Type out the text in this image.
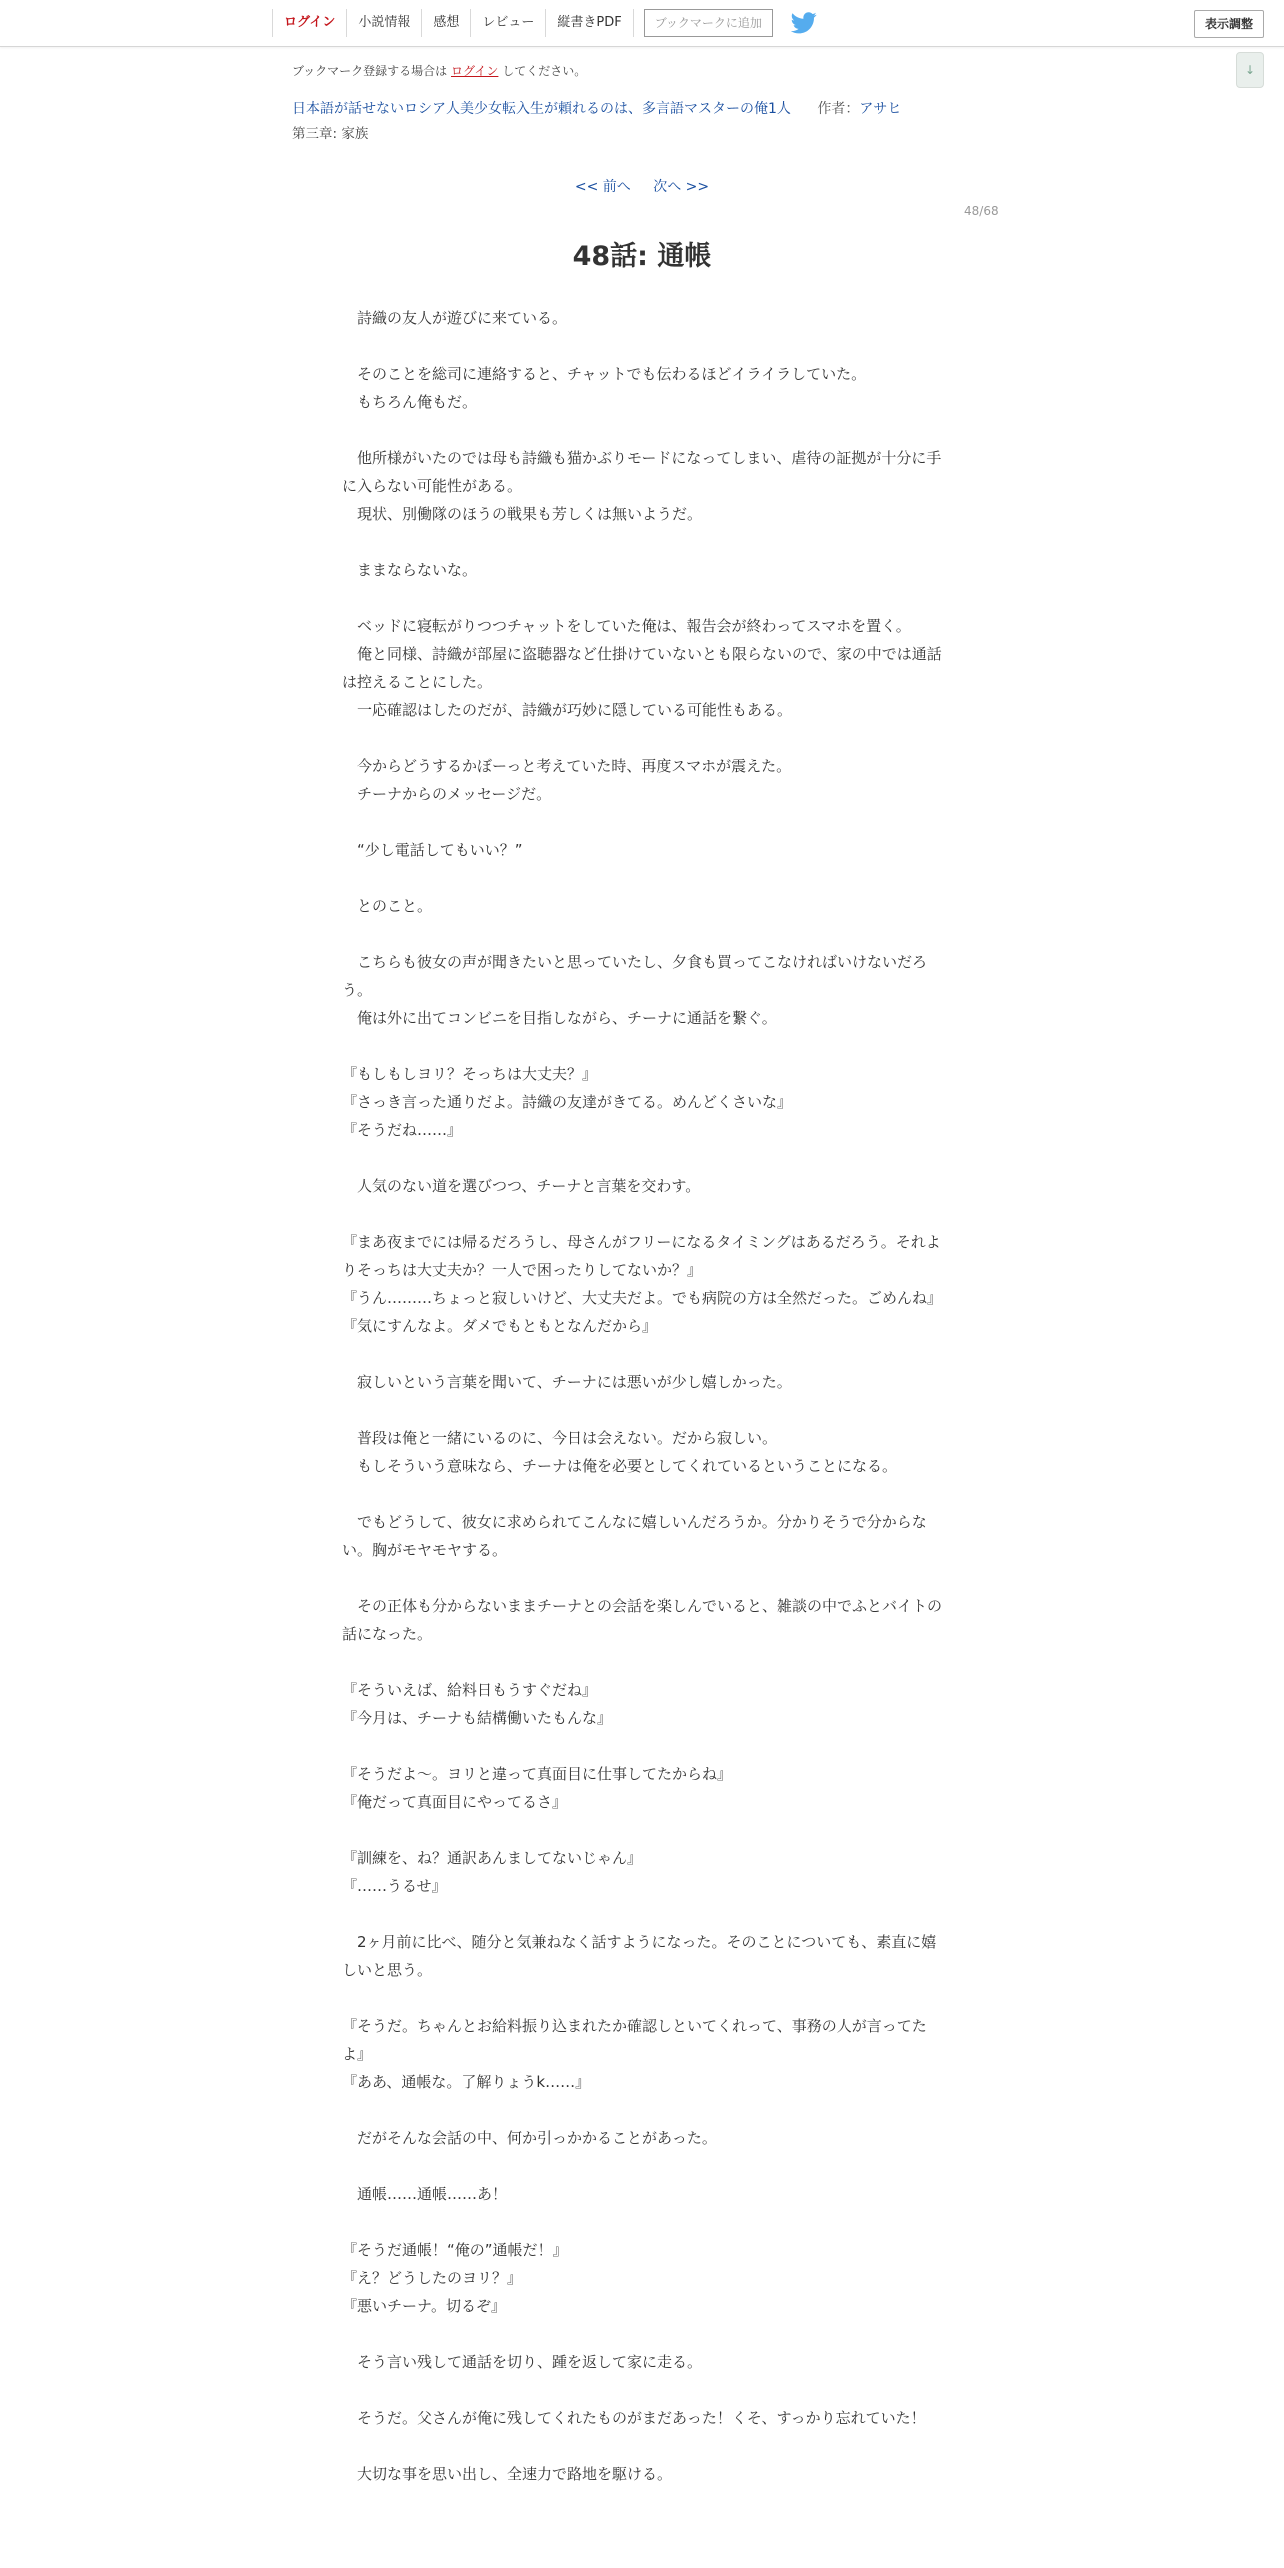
ログイン	小説情報	感想	レビュー	縦書きPDF	ブックマークに追加	表示調整
↓
ブックマーク登録する場合は ログイン してください。
日本語が話せないロシア人美少女転入生が頼れるのは、多言語マスターの俺1人 作者：アサヒ
第三章: 家族
<< 前へ 次へ >>
48/68
48話: 通帳

　詩織の友人が遊びに来ている。

　そのことを総司に連絡すると、チャットでも伝わるほどイライラしていた。

　もちろん俺もだ。

　他所様がいたのでは母も詩織も猫かぶりモードになってしまい、虐待の証拠が十分に手に入らない可能性がある。

　現状、別働隊のほうの戦果も芳しくは無いようだ。

　ままならないな。

　ベッドに寝転がりつつチャットをしていた俺は、報告会が終わってスマホを置く。

　俺と同様、詩織が部屋に盗聴器など仕掛けていないとも限らないので、家の中では通話は控えることにした。

　一応確認はしたのだが、詩織が巧妙に隠している可能性もある。

　今からどうするかぼーっと考えていた時、再度スマホが震えた。

　チーナからのメッセージだ。

　“少し電話してもいい？”

　とのこと。

　こちらも彼女の声が聞きたいと思っていたし、夕食も買ってこなければいけないだろう。

　俺は外に出てコンビニを目指しながら、チーナに通話を繋ぐ。

『もしもしヨリ？そっちは大丈夫？』

『さっき言った通りだよ。詩織の友達がきてる。めんどくさいな』

『そうだね……』

　人気のない道を選びつつ、チーナと言葉を交わす。

『まあ夜までには帰るだろうし、母さんがフリーになるタイミングはあるだろう。それよりそっちは大丈夫か？一人で困ったりしてないか？』

『うん………ちょっと寂しいけど、大丈夫だよ。でも病院の方は全然だった。ごめんね』

『気にすんなよ。ダメでもともとなんだから』

　寂しいという言葉を聞いて、チーナには悪いが少し嬉しかった。

　普段は俺と一緒にいるのに、今日は会えない。だから寂しい。

　もしそういう意味なら、チーナは俺を必要としてくれているということになる。

　でもどうして、彼女に求められてこんなに嬉しいんだろうか。分かりそうで分からない。胸がモヤモヤする。

　その正体も分からないままチーナとの会話を楽しんでいると、雑談の中でふとバイトの話になった。

『そういえば、給料日もうすぐだね』

『今月は、チーナも結構働いたもんな』

『そうだよ〜。ヨリと違って真面目に仕事してたからね』

『俺だって真面目にやってるさ』

『訓練を、ね？通訳あんましてないじゃん』

『……うるせ』

　2ヶ月前に比べ、随分と気兼ねなく話すようになった。そのことについても、素直に嬉しいと思う。

『そうだ。ちゃんとお給料振り込まれたか確認しといてくれって、事務の人が言ってたよ』

『ああ、通帳な。了解りょうk……』

　だがそんな会話の中、何か引っかかることがあった。

　通帳……通帳……あ！

『そうだ通帳！“俺の”通帳だ！』

『え？どうしたのヨリ？』

『悪いチーナ。切るぞ』

　そう言い残して通話を切り、踵を返して家に走る。

　そうだ。父さんが俺に残してくれたものがまだあった！くそ、すっかり忘れていた！

　大切な事を思い出し、全速力で路地を駆ける。
